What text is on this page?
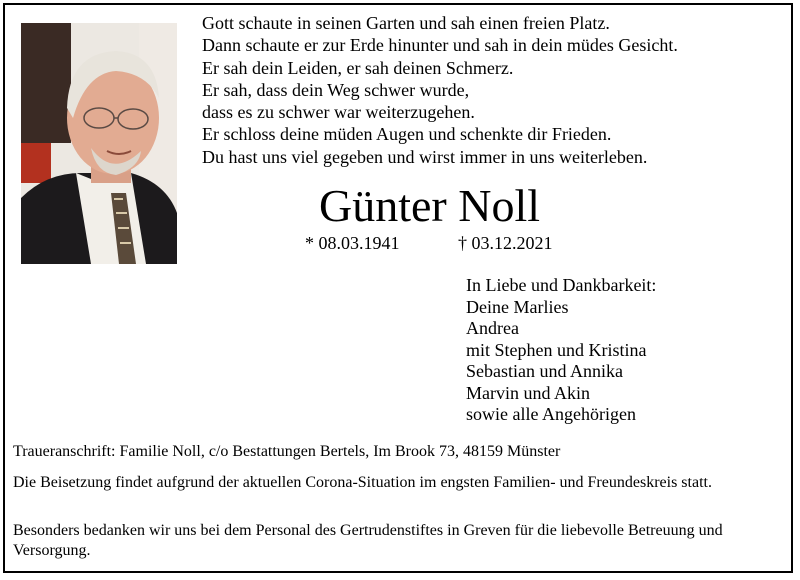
Gott schaute in seinen Garten und sah einen freien Platz.
Dann schaute er zur Erde hinunter und sah in dein müdes Gesicht.
Er sah dein Leiden, er sah deinen Schmerz.
Er sah, dass dein Weg schwer wurde,
dass es zu schwer war weiterzugehen.
Er schloss deine müden Augen und schenkte dir Frieden.
Du hast uns viel gegeben und wirst immer in uns weiterleben.
Günter Noll
* 08.03.1941	† 03.12.2021
In Liebe und Dankbarkeit:
Deine Marlies
Andrea
mit Stephen und Kristina
Sebastian und Annika
Marvin und Akin
sowie alle Angehörigen
Traueranschrift: Familie Noll, c/o Bestattungen Bertels, Im Brook 73, 48159 Münster
Die Beisetzung findet aufgrund der aktuellen Corona-Situation im engsten Familien- und Freundeskreis statt.
Besonders bedanken wir uns bei dem Personal des Gertrudenstiftes in Greven für die liebevolle Betreuung und Versorgung.
